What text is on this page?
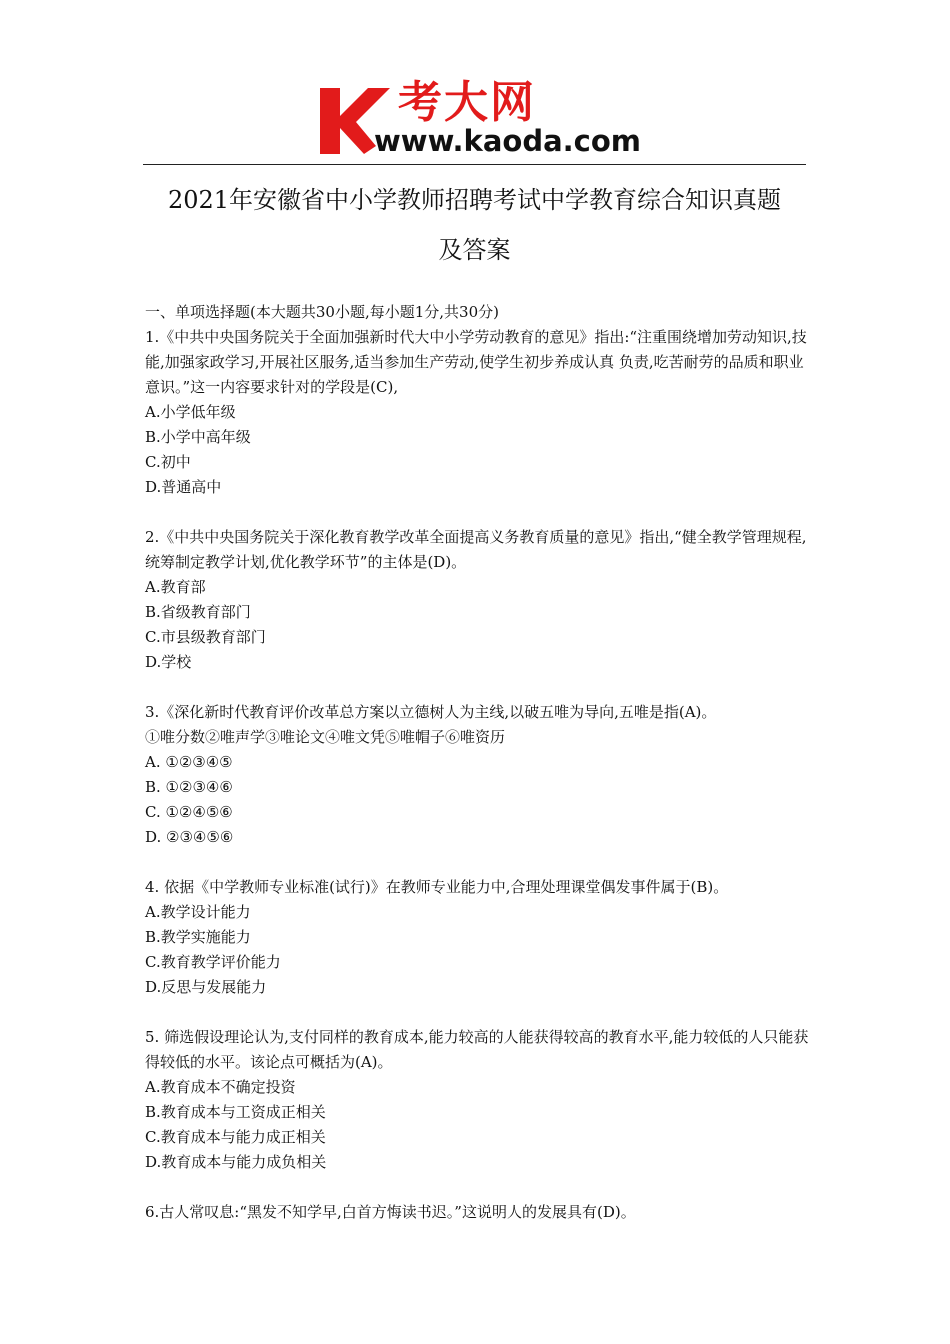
考大网
www.kaoda.com
2021年安徽省中小学教师招聘考试中学教育综合知识真题
及答案

一、单项选择题(本大题共30小题,每小题1分,共30分)

1.《中共中央国务院关于全面加强新时代大中小学劳动教育的意见》指出:“注重围绕增加劳动知识,技能,加强家政学习,开展社区服务,适当参加生产劳动,使学生初步养成认真 负责,吃苦耐劳的品质和职业意识。”这一内容要求针对的学段是(C),

A.小学低年级

B.小学中高年级

C.初中

D.普通高中

2.《中共中央国务院关于深化教育教学改革全面提高义务教育质量的意见》指出,“健全教学管理规程,统筹制定教学计划,优化教学环节”的主体是(D)。

A.教育部

B.省级教育部门

C.市县级教育部门

D.学校

3.《深化新时代教育评价改革总方案以立德树人为主线,以破五唯为导向,五唯是指(A)。

①唯分数②唯声学③唯论文④唯文凭⑤唯帽子⑥唯资历

A. ①②③④⑤

B. ①②③④⑥

C. ①②④⑤⑥

D. ②③④⑤⑥

4. 依据《中学教师专业标准(试行)》在教师专业能力中,合理处理课堂偶发事件属于(B)。

A.教学设计能力

B.教学实施能力

C.教育教学评价能力

D.反思与发展能力

5. 筛选假设理论认为,支付同样的教育成本,能力较高的人能获得较高的教育水平,能力较低的人只能获得较低的水平。该论点可概括为(A)。

A.教育成本不确定投资

B.教育成本与工资成正相关

C.教育成本与能力成正相关

D.教育成本与能力成负相关

6.古人常叹息:“黑发不知学早,白首方悔读书迟。”这说明人的发展具有(D)。
